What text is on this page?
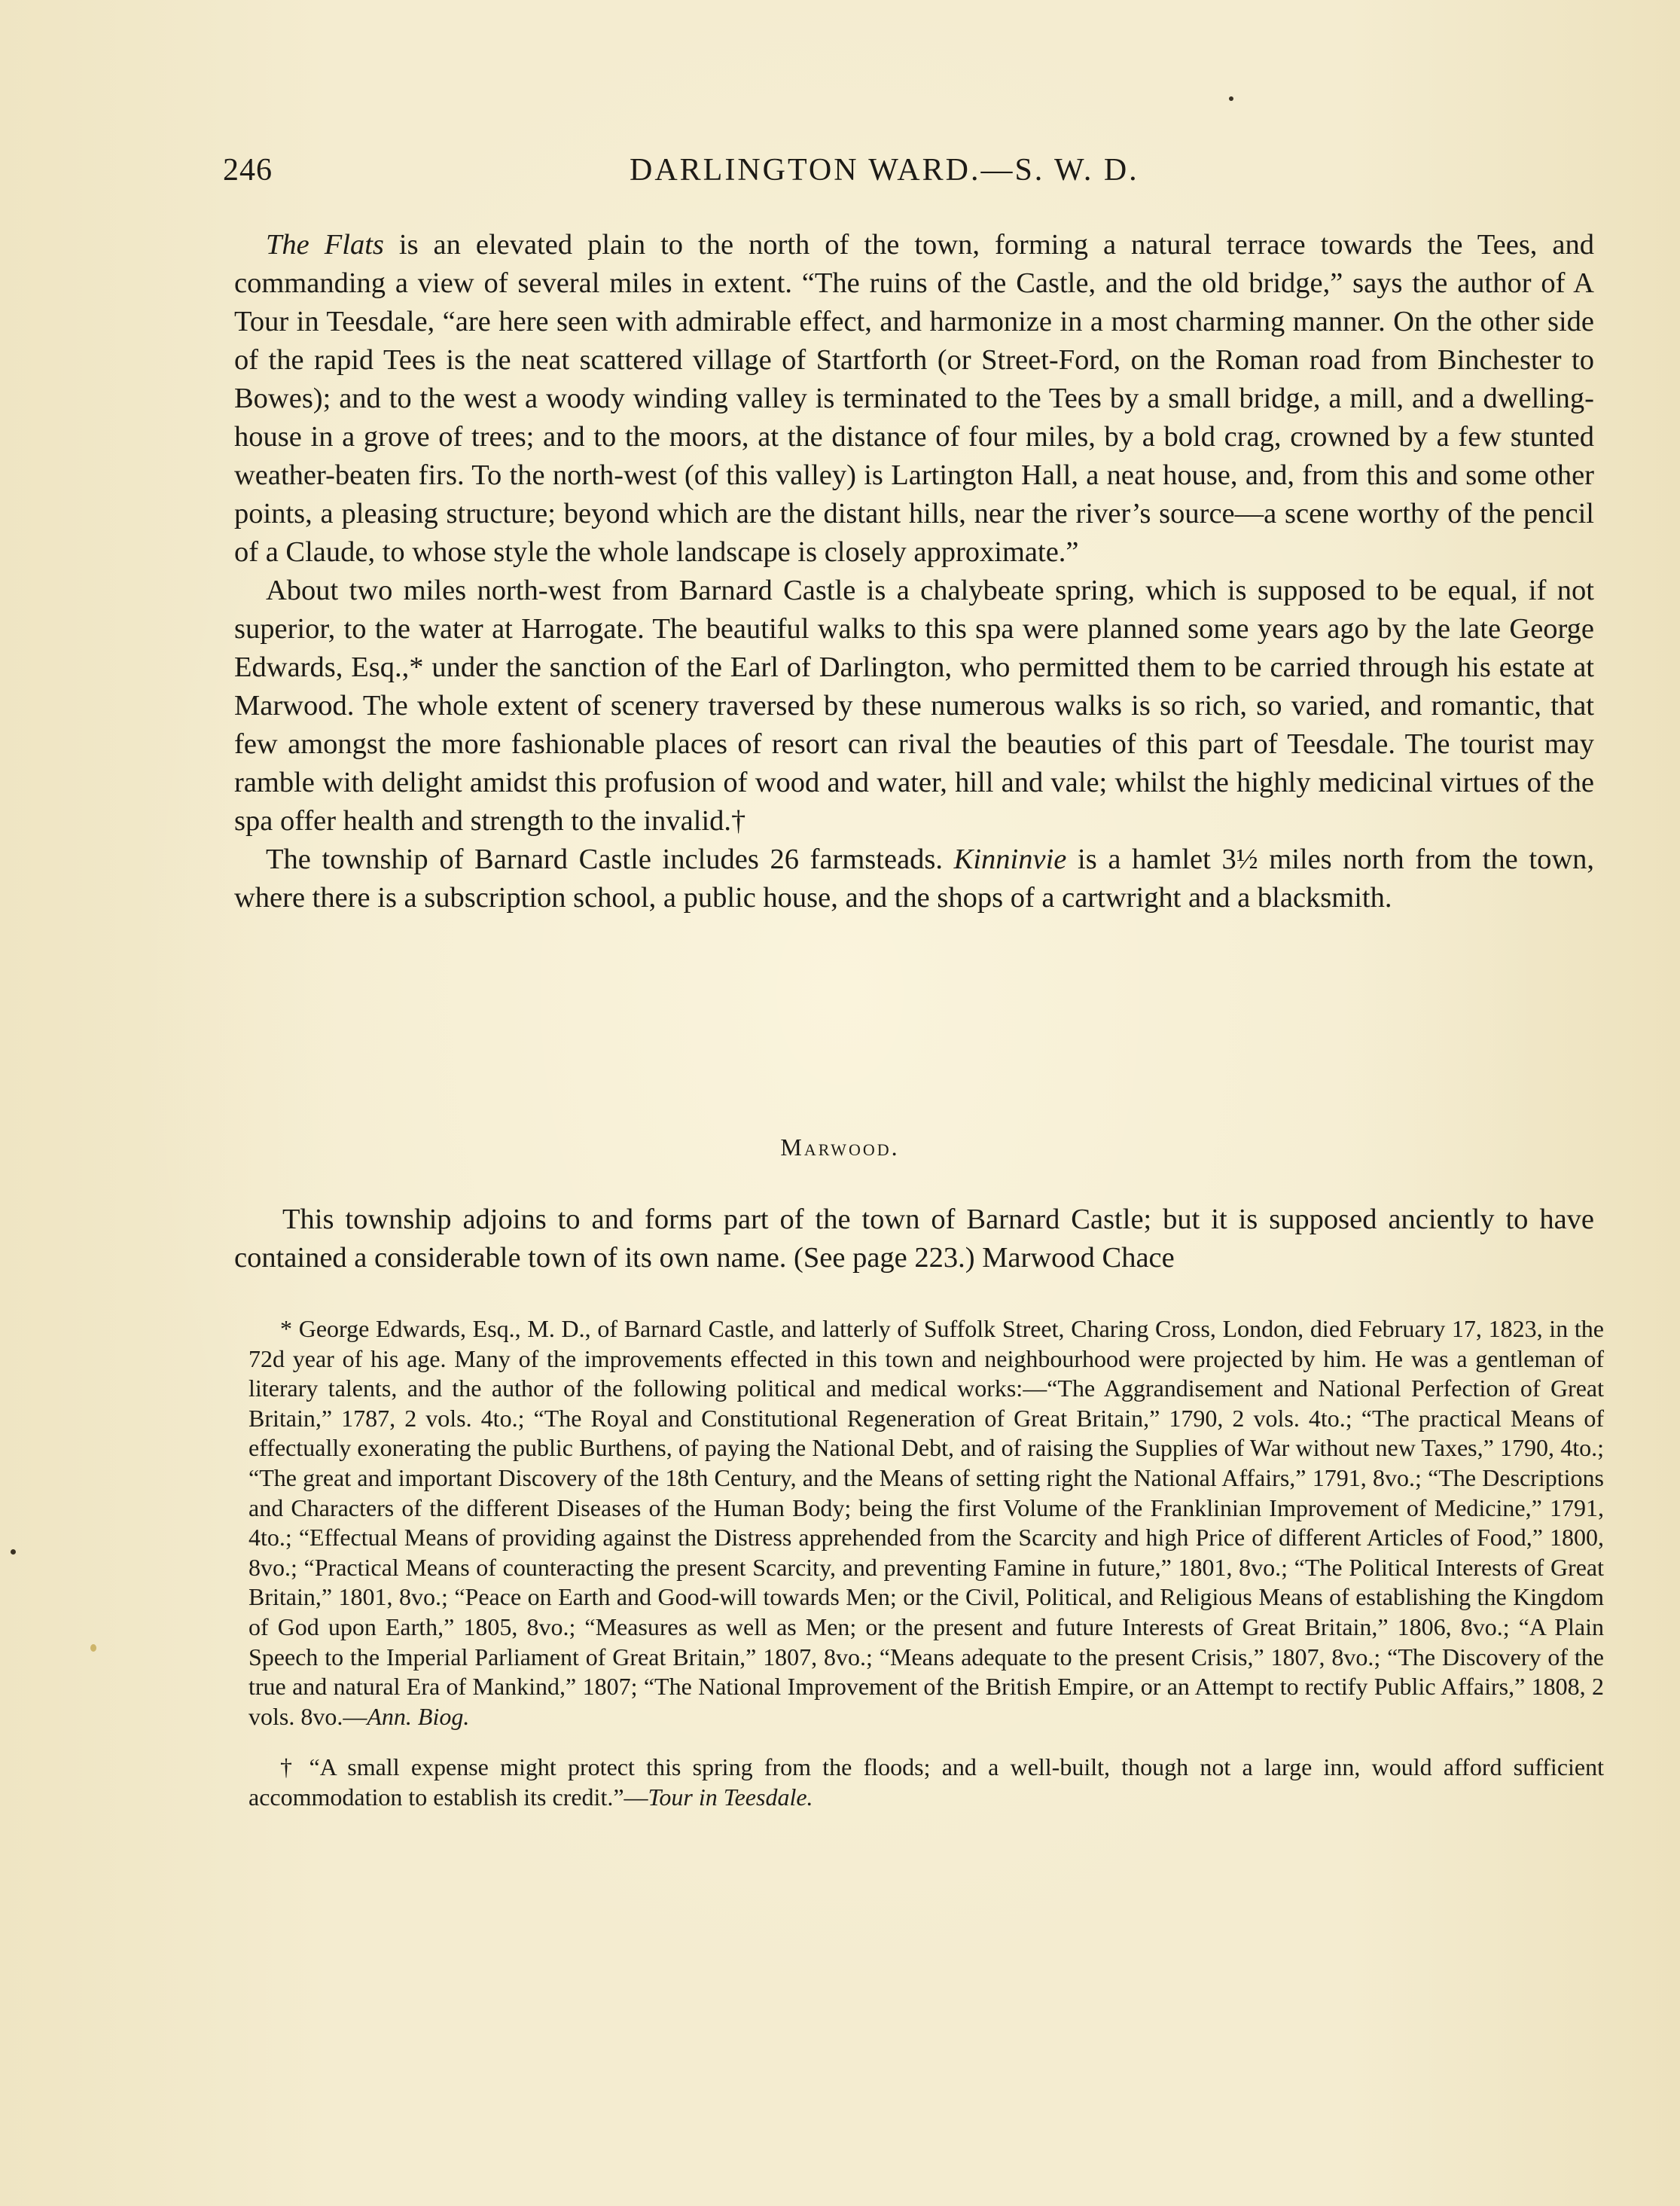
246	DARLINGTON WARD.—S. W. D.

The Flats is an elevated plain to the north of the town, forming a natural terrace towards the Tees, and commanding a view of several miles in extent. “The ruins of the Castle, and the old bridge,” says the author of A Tour in Teesdale, “are here seen with admirable effect, and harmonize in a most charming manner. On the other side of the rapid Tees is the neat scattered village of Startforth (or Street-Ford, on the Roman road from Binchester to Bowes); and to the west a woody winding valley is terminated to the Tees by a small bridge, a mill, and a dwelling-house in a grove of trees; and to the moors, at the distance of four miles, by a bold crag, crowned by a few stunted weather-beaten firs. To the north-west (of this valley) is Lartington Hall, a neat house, and, from this and some other points, a pleasing structure; beyond which are the distant hills, near the river’s source—a scene worthy of the pencil of a Claude, to whose style the whole landscape is closely approximate.”

About two miles north-west from Barnard Castle is a chalybeate spring, which is supposed to be equal, if not superior, to the water at Harrogate. The beautiful walks to this spa were planned some years ago by the late George Edwards, Esq.,* under the sanction of the Earl of Darlington, who permitted them to be carried through his estate at Marwood. The whole extent of scenery traversed by these numerous walks is so rich, so varied, and romantic, that few amongst the more fashionable places of resort can rival the beauties of this part of Teesdale. The tourist may ramble with delight amidst this profusion of wood and water, hill and vale; whilst the highly medicinal virtues of the spa offer health and strength to the invalid.†

The township of Barnard Castle includes 26 farmsteads. Kinninvie is a hamlet 3½ miles north from the town, where there is a subscription school, a public house, and the shops of a cartwright and a blacksmith.

Marwood.

This township adjoins to and forms part of the town of Barnard Castle; but it is supposed anciently to have contained a considerable town of its own name. (See page 223.) Marwood Chace

* George Edwards, Esq., M. D., of Barnard Castle, and latterly of Suffolk Street, Charing Cross, London, died February 17, 1823, in the 72d year of his age. Many of the improvements effected in this town and neighbourhood were projected by him. He was a gentleman of literary talents, and the author of the following political and medical works:—“The Aggrandisement and National Perfection of Great Britain,” 1787, 2 vols. 4to.; “The Royal and Constitutional Regeneration of Great Britain,” 1790, 2 vols. 4to.; “The practical Means of effectually exonerating the public Burthens, of paying the National Debt, and of raising the Supplies of War without new Taxes,” 1790, 4to.; “The great and important Discovery of the 18th Century, and the Means of setting right the National Affairs,” 1791, 8vo.; “The Descriptions and Characters of the different Diseases of the Human Body; being the first Volume of the Franklinian Improvement of Medicine,” 1791, 4to.; “Effectual Means of providing against the Distress apprehended from the Scarcity and high Price of different Articles of Food,” 1800, 8vo.; “Practical Means of counteracting the present Scarcity, and preventing Famine in future,” 1801, 8vo.; “The Political Interests of Great Britain,” 1801, 8vo.; “Peace on Earth and Good-will towards Men; or the Civil, Political, and Religious Means of establishing the Kingdom of God upon Earth,” 1805, 8vo.; “Measures as well as Men; or the present and future Interests of Great Britain,” 1806, 8vo.; “A Plain Speech to the Imperial Parliament of Great Britain,” 1807, 8vo.; “Means adequate to the present Crisis,” 1807, 8vo.; “The Discovery of the true and natural Era of Mankind,” 1807; “The National Improvement of the British Empire, or an Attempt to rectify Public Affairs,” 1808, 2 vols. 8vo.—Ann. Biog.

† “A small expense might protect this spring from the floods; and a well-built, though not a large inn, would afford sufficient accommodation to establish its credit.”—Tour in Teesdale.
